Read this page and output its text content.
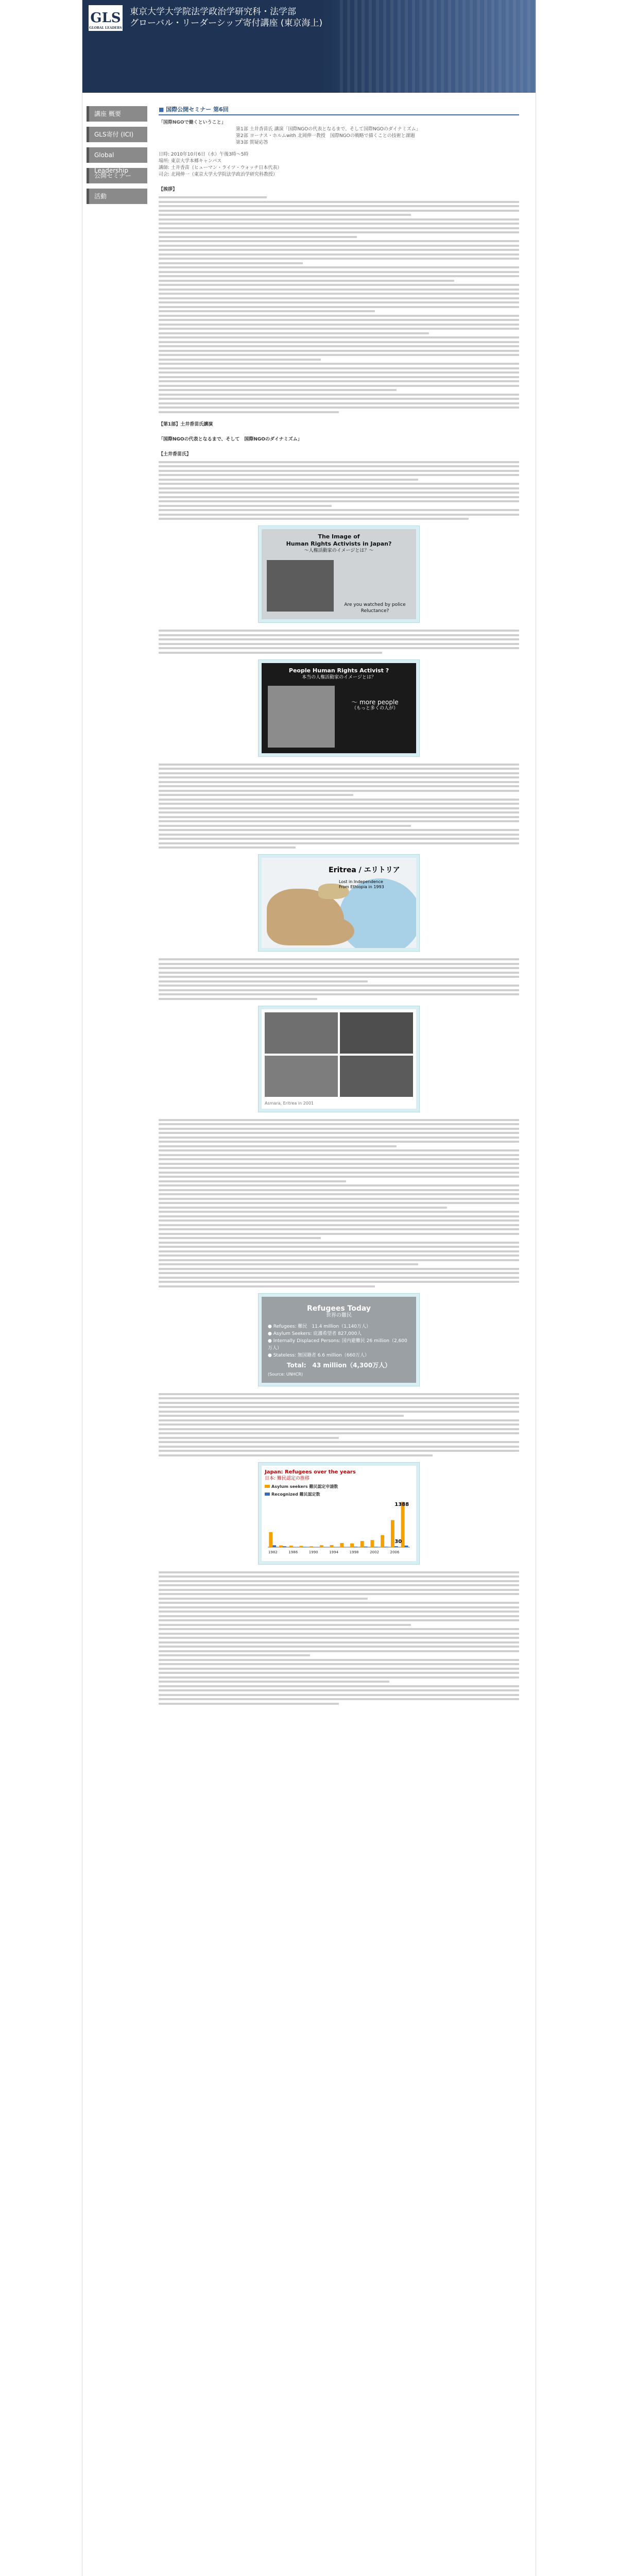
GLS
GLOBAL LEADERS
東京大学大学院法学政治学研究科・法学部
グローバル・リーダーシップ寄付講座 (東京海上)
講座 概要
GLS寄付 (ICI)
Global
公開セミナー
活動
■ 国際公開セミナー 第6回

「国際NGOで働くということ」

第1部 土井香苗氏 講演「国際NGOの代表となるまで、そして国際NGOのダイナミズム」

第2部 ヨーナス・ホルムwith 北岡伸一教授　国際NGOの戦略で描くことの技術と課題

第3部 質疑応答

日時: 2010年10月6日（水）午後3時～5時
場所: 東京大学本郷キャンパス
講師: 土井香苗（ヒューマン・ライツ・ウォッチ日本代表）
司会: 北岡伸一（東京大学大学院法学政治学研究科教授）
【挨拶】
【第1部】土井香苗氏講演
「国際NGOの代表となるまで、そして　国際NGOのダイナミズム」
【土井香苗氏】
The Image of
Human Rights Activists in Japan?
～人権活動家のイメージとは？～
Are you watched by police
Reluctance?
People Human Rights Activist ?
本当の人権活動家のイメージとは？
～ more people
（もっと多くの人が）
Eritrea / エリトリア
Lost in Independence
From Ethiopia in 1993
Asmara, Eritrea in 2001
Refugees Today
世界の難民
● Refugees: 難民　11.4 million（1,140万人）
● Asylum Seekers: 庇護希望者 827,000人
● Internally Displaced Persons: 国内避難民 26 million（2,600万人）
● Stateless: 無国籍者 6.6 million（660万人）
Total:　43 million（4,300万人）
(Source: UNHCR)
Japan: Refugees over the years
日本: 難民認定の推移
Asylum seekers 難民認定申請数
Recognized 難民認定数
1982	1986	1990	1994	1998	2002	2006
1388
30
